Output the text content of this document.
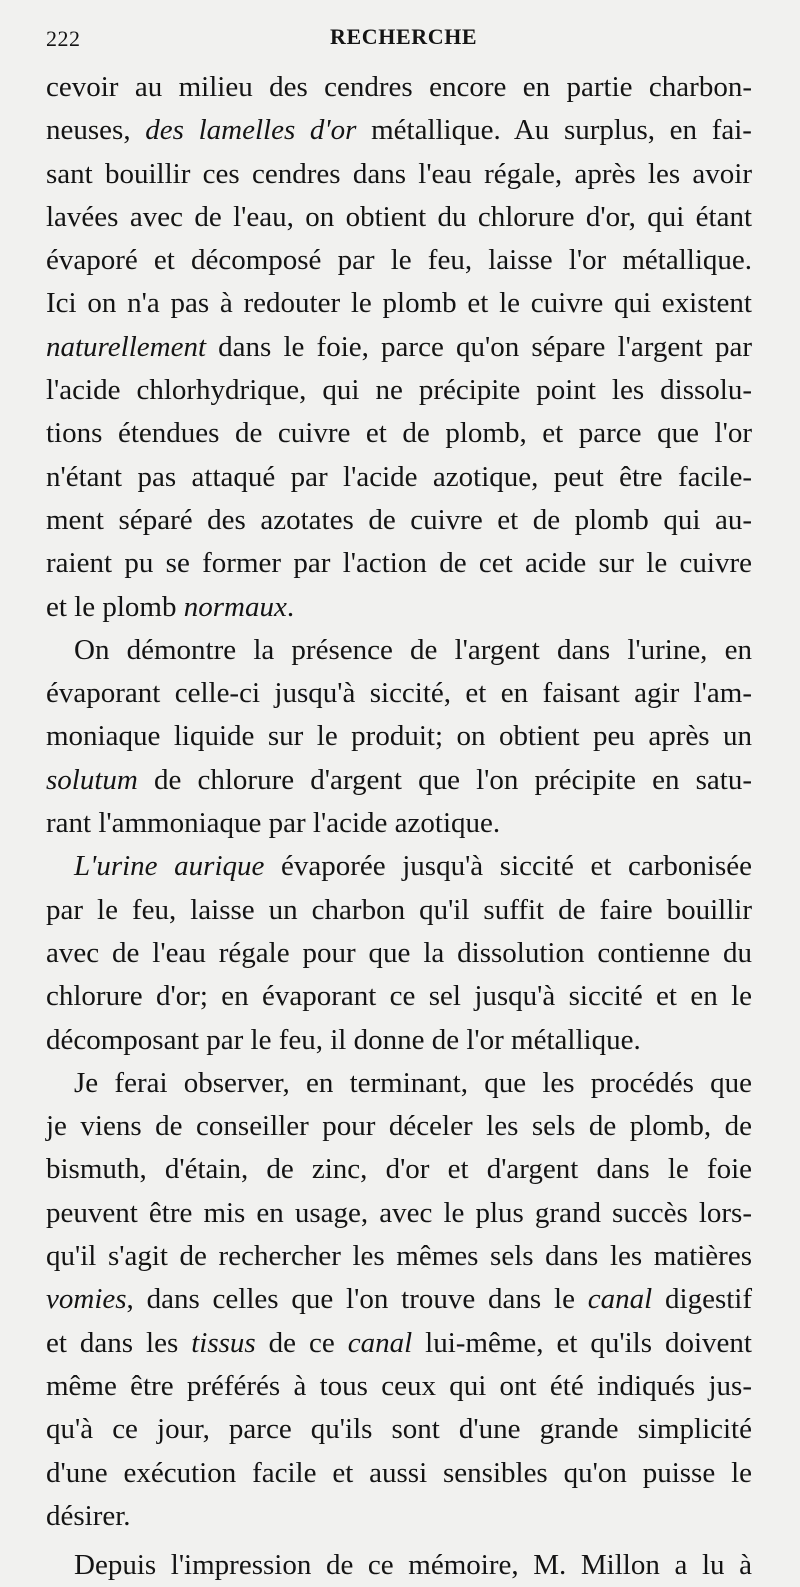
222	RECHERCHE
cevoir au milieu des cendres encore en partie charbon-
neuses, des lamelles d'or métallique. Au surplus, en fai-
sant bouillir ces cendres dans l'eau régale, après les avoir
lavées avec de l'eau, on obtient du chlorure d'or, qui étant
évaporé et décomposé par le feu, laisse l'or métallique.
Ici on n'a pas à redouter le plomb et le cuivre qui existent
naturellement dans le foie, parce qu'on sépare l'argent par
l'acide chlorhydrique, qui ne précipite point les dissolu-
tions étendues de cuivre et de plomb, et parce que l'or
n'étant pas attaqué par l'acide azotique, peut être facile-
ment séparé des azotates de cuivre et de plomb qui au-
raient pu se former par l'action de cet acide sur le cuivre
et le plomb normaux.
On démontre la présence de l'argent dans l'urine, en
évaporant celle-ci jusqu'à siccité, et en faisant agir l'am-
moniaque liquide sur le produit; on obtient peu après un
solutum de chlorure d'argent que l'on précipite en satu-
rant l'ammoniaque par l'acide azotique.
L'urine aurique évaporée jusqu'à siccité et carbonisée
par le feu, laisse un charbon qu'il suffit de faire bouillir
avec de l'eau régale pour que la dissolution contienne du
chlorure d'or; en évaporant ce sel jusqu'à siccité et en le
décomposant par le feu, il donne de l'or métallique.
Je ferai observer, en terminant, que les procédés que
je viens de conseiller pour déceler les sels de plomb, de
bismuth, d'étain, de zinc, d'or et d'argent dans le foie
peuvent être mis en usage, avec le plus grand succès lors-
qu'il s'agit de rechercher les mêmes sels dans les matières
vomies, dans celles que l'on trouve dans le canal digestif
et dans les tissus de ce canal lui-même, et qu'ils doivent
même être préférés à tous ceux qui ont été indiqués jus-
qu'à ce jour, parce qu'ils sont d'une grande simplicité
d'une exécution facile et aussi sensibles qu'on puisse le
désirer.
Depuis l'impression de ce mémoire, M. Millon a lu à
